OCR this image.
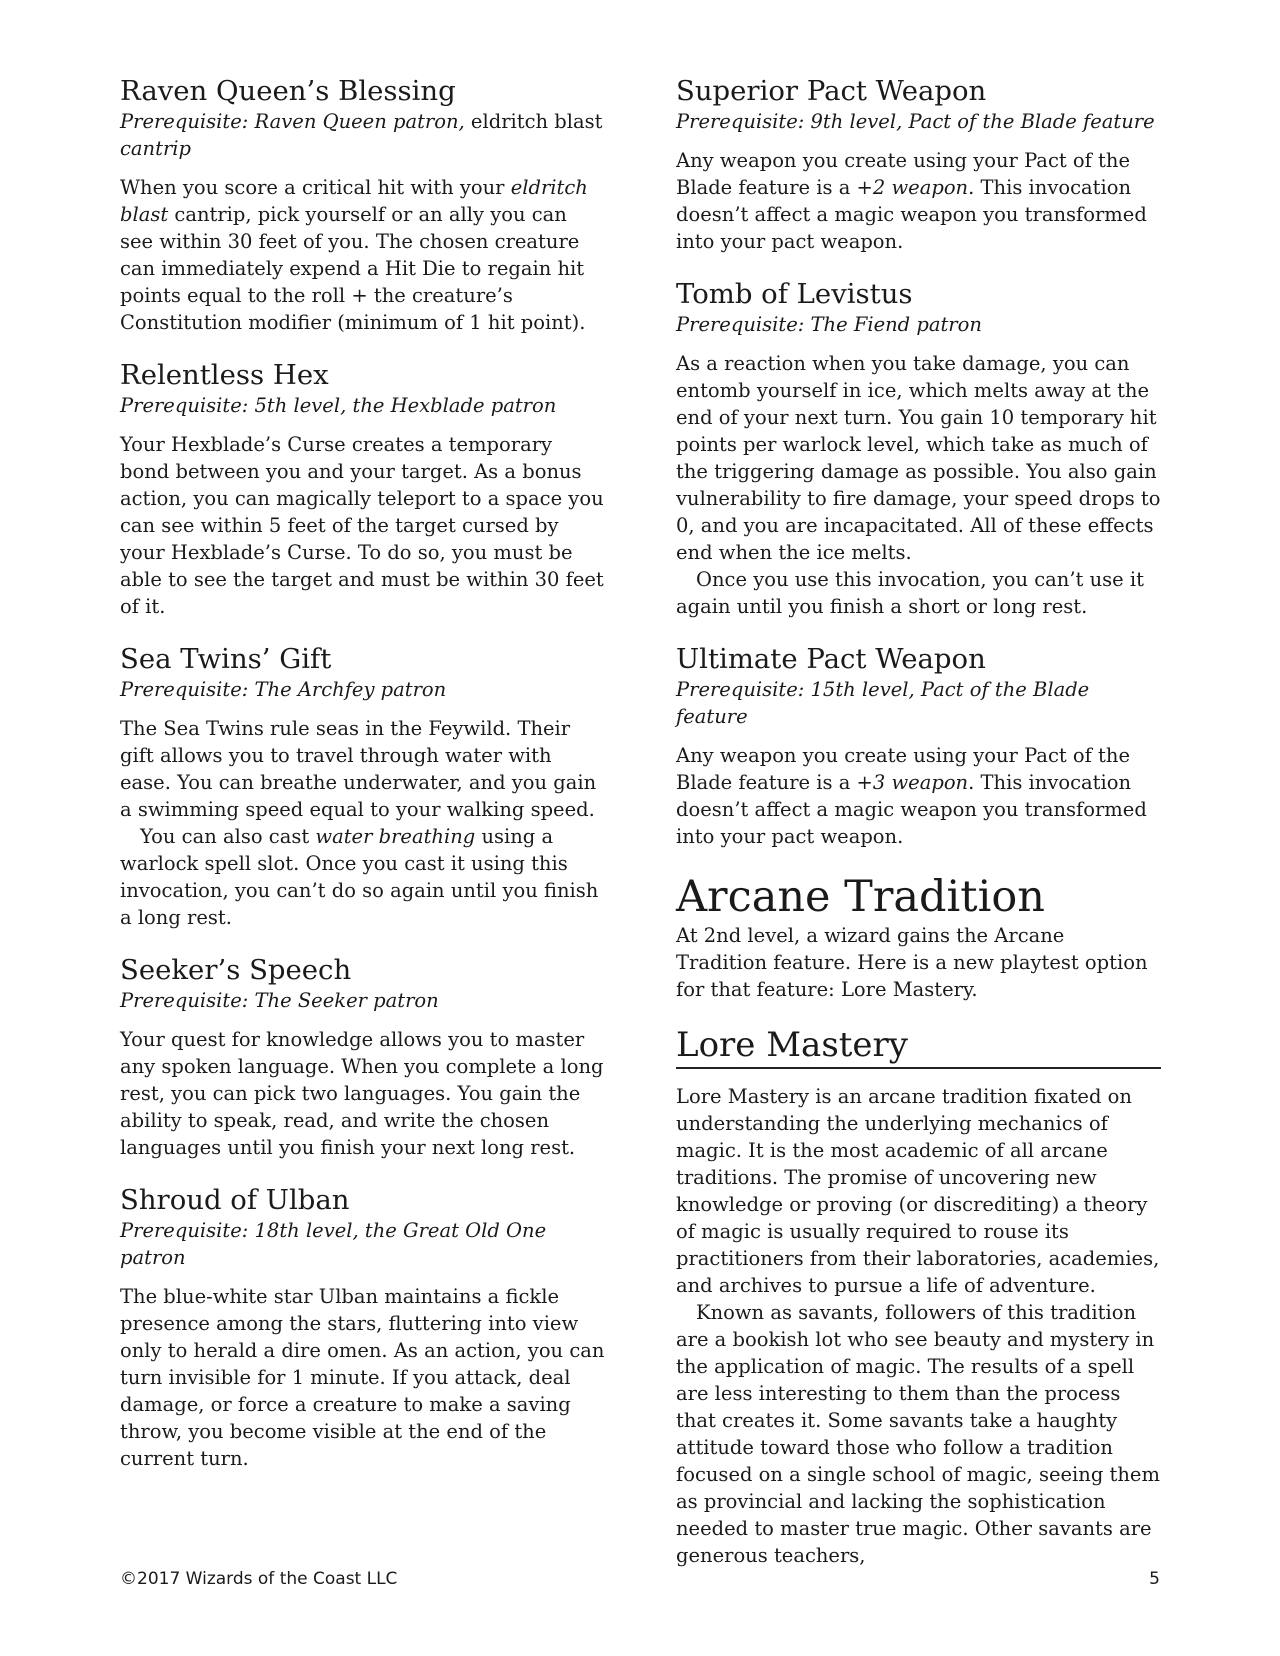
Raven Queen’s Blessing

Prerequisite: Raven Queen patron, eldritch blast cantrip

When you score a critical hit with your eldritch blast cantrip, pick yourself or an ally you can see within 30 feet of you. The chosen creature can immediately expend a Hit Die to regain hit points equal to the roll + the creature’s Constitution modifier (minimum of 1 hit point).

Relentless Hex

Prerequisite: 5th level, the Hexblade patron

Your Hexblade’s Curse creates a temporary bond between you and your target. As a bonus action, you can magically teleport to a space you can see within 5 feet of the target cursed by your Hexblade’s Curse. To do so, you must be able to see the target and must be within 30 feet of it.

Sea Twins’ Gift

Prerequisite: The Archfey patron

The Sea Twins rule seas in the Feywild. Their gift allows you to travel through water with ease. You can breathe underwater, and you gain a swimming speed equal to your walking speed.

You can also cast water breathing using a warlock spell slot. Once you cast it using this invocation, you can’t do so again until you finish a long rest.

Seeker’s Speech

Prerequisite: The Seeker patron

Your quest for knowledge allows you to master any spoken language. When you complete a long rest, you can pick two languages. You gain the ability to speak, read, and write the chosen languages until you finish your next long rest.

Shroud of Ulban

Prerequisite: 18th level, the Great Old One patron

The blue-white star Ulban maintains a fickle presence among the stars, fluttering into view only to herald a dire omen. As an action, you can turn invisible for 1 minute. If you attack, deal damage, or force a creature to make a saving throw, you become visible at the end of the current turn.

Superior Pact Weapon

Prerequisite: 9th level, Pact of the Blade feature

Any weapon you create using your Pact of the Blade feature is a +2 weapon. This invocation doesn’t affect a magic weapon you transformed into your pact weapon.

Tomb of Levistus

Prerequisite: The Fiend patron

As a reaction when you take damage, you can entomb yourself in ice, which melts away at the end of your next turn. You gain 10 temporary hit points per warlock level, which take as much of the triggering damage as possible. You also gain vulnerability to fire damage, your speed drops to 0, and you are incapacitated. All of these effects end when the ice melts.

Once you use this invocation, you can’t use it again until you finish a short or long rest.

Ultimate Pact Weapon

Prerequisite: 15th level, Pact of the Blade feature

Any weapon you create using your Pact of the Blade feature is a +3 weapon. This invocation doesn’t affect a magic weapon you transformed into your pact weapon.

Arcane Tradition

At 2nd level, a wizard gains the Arcane Tradition feature. Here is a new playtest option for that feature: Lore Mastery.

Lore Mastery

Lore Mastery is an arcane tradition fixated on understanding the underlying mechanics of magic. It is the most academic of all arcane traditions. The promise of uncovering new knowledge or proving (or discrediting) a theory of magic is usually required to rouse its practitioners from their laboratories, academies, and archives to pursue a life of adventure.

Known as savants, followers of this tradition are a bookish lot who see beauty and mystery in the application of magic. The results of a spell are less interesting to them than the process that creates it. Some savants take a haughty attitude toward those who follow a tradition focused on a single school of magic, seeing them as provincial and lacking the sophistication needed to master true magic. Other savants are generous teachers,

©2017 Wizards of the Coast LLC	5
